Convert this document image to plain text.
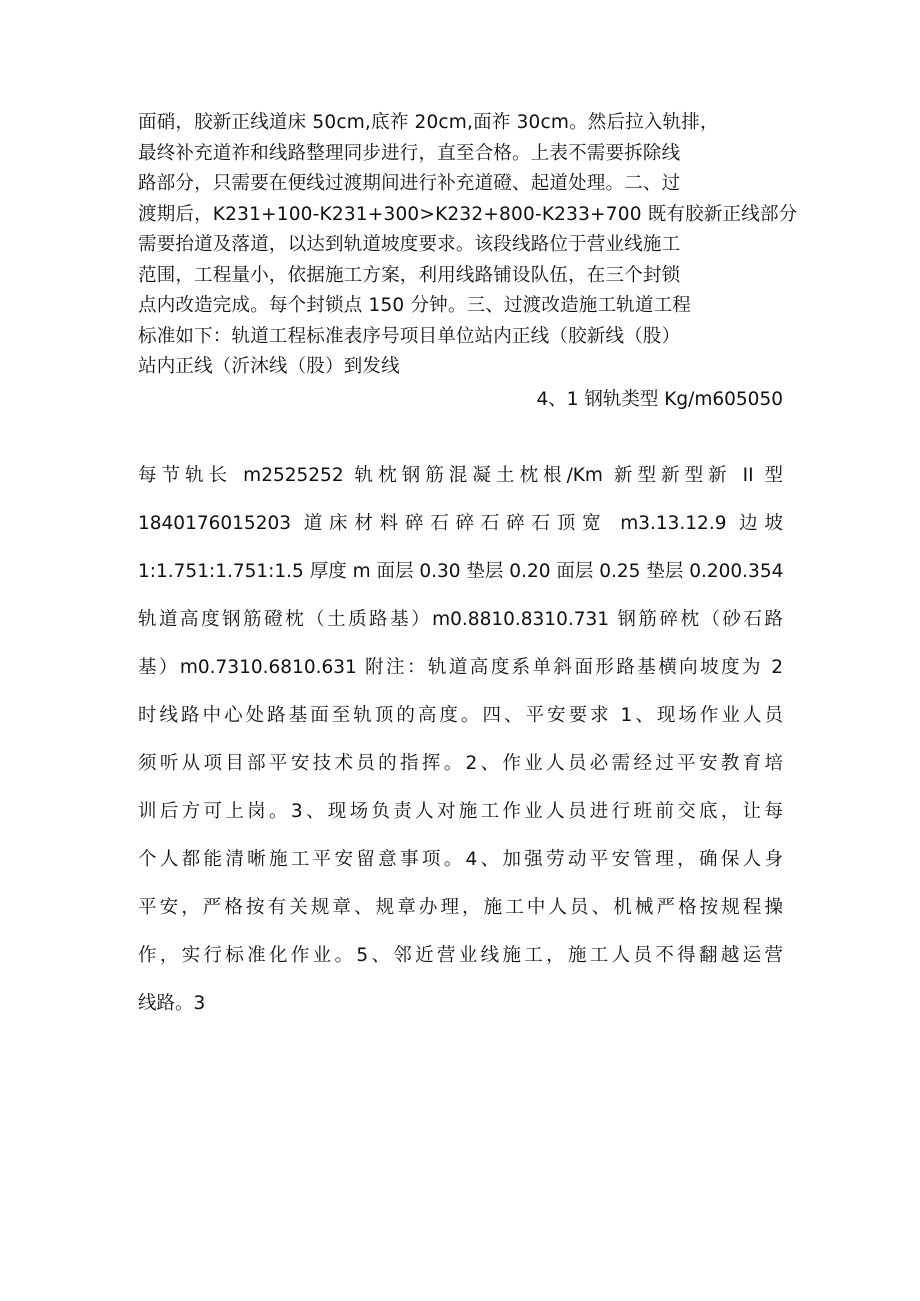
面硝，胶新正线道床 50cm,底祚 20cm,面祚 30cm。然后拉入轨排，
最终补充道祚和线路整理同步进行，直至合格。上表不需要拆除线
路部分，只需要在便线过渡期间进行补充道磴、起道处理。二、过
渡期后，K231+100-K231+300>K232+800-K233+700 既有胶新正线部分
需要抬道及落道，以达到轨道坡度要求。该段线路位于营业线施工
范围，工程量小，依据施工方案，利用线路铺设队伍，在三个封锁
点内改造完成。每个封锁点 150 分钟。三、过渡改造施工轨道工程
标准如下：轨道工程标准表序号项目单位站内正线（胶新线（股）
站内正线（沂沐线（股）到发线
4、1 钢轨类型 Kg/m605050
每节轨长 m2525252 轨枕钢筋混凝土枕根/Km 新型新型新 II 型
1840176015203 道床材料碎石碎石碎石顶宽 m3.13.12.9 边坡
1:1.751:1.751:1.5 厚度 m 面层 0.30 垫层 0.20 面层 0.25 垫层 0.200.354
轨道高度钢筋磴枕（土质路基）m0.8810.8310.731 钢筋碎枕（砂石路
基）m0.7310.6810.631 附注：轨道高度系单斜面形路基横向坡度为 2
时线路中心处路基面至轨顶的高度。四、平安要求 1、现场作业人员
须听从项目部平安技术员的指挥。2、作业人员必需经过平安教育培
训后方可上岗。3、现场负责人对施工作业人员进行班前交底，让每
个人都能清晰施工平安留意事项。4、加强劳动平安管理，确保人身
平安，严格按有关规章、规章办理，施工中人员、机械严格按规程操
作，实行标准化作业。5、邻近营业线施工，施工人员不得翻越运营
线路。3
